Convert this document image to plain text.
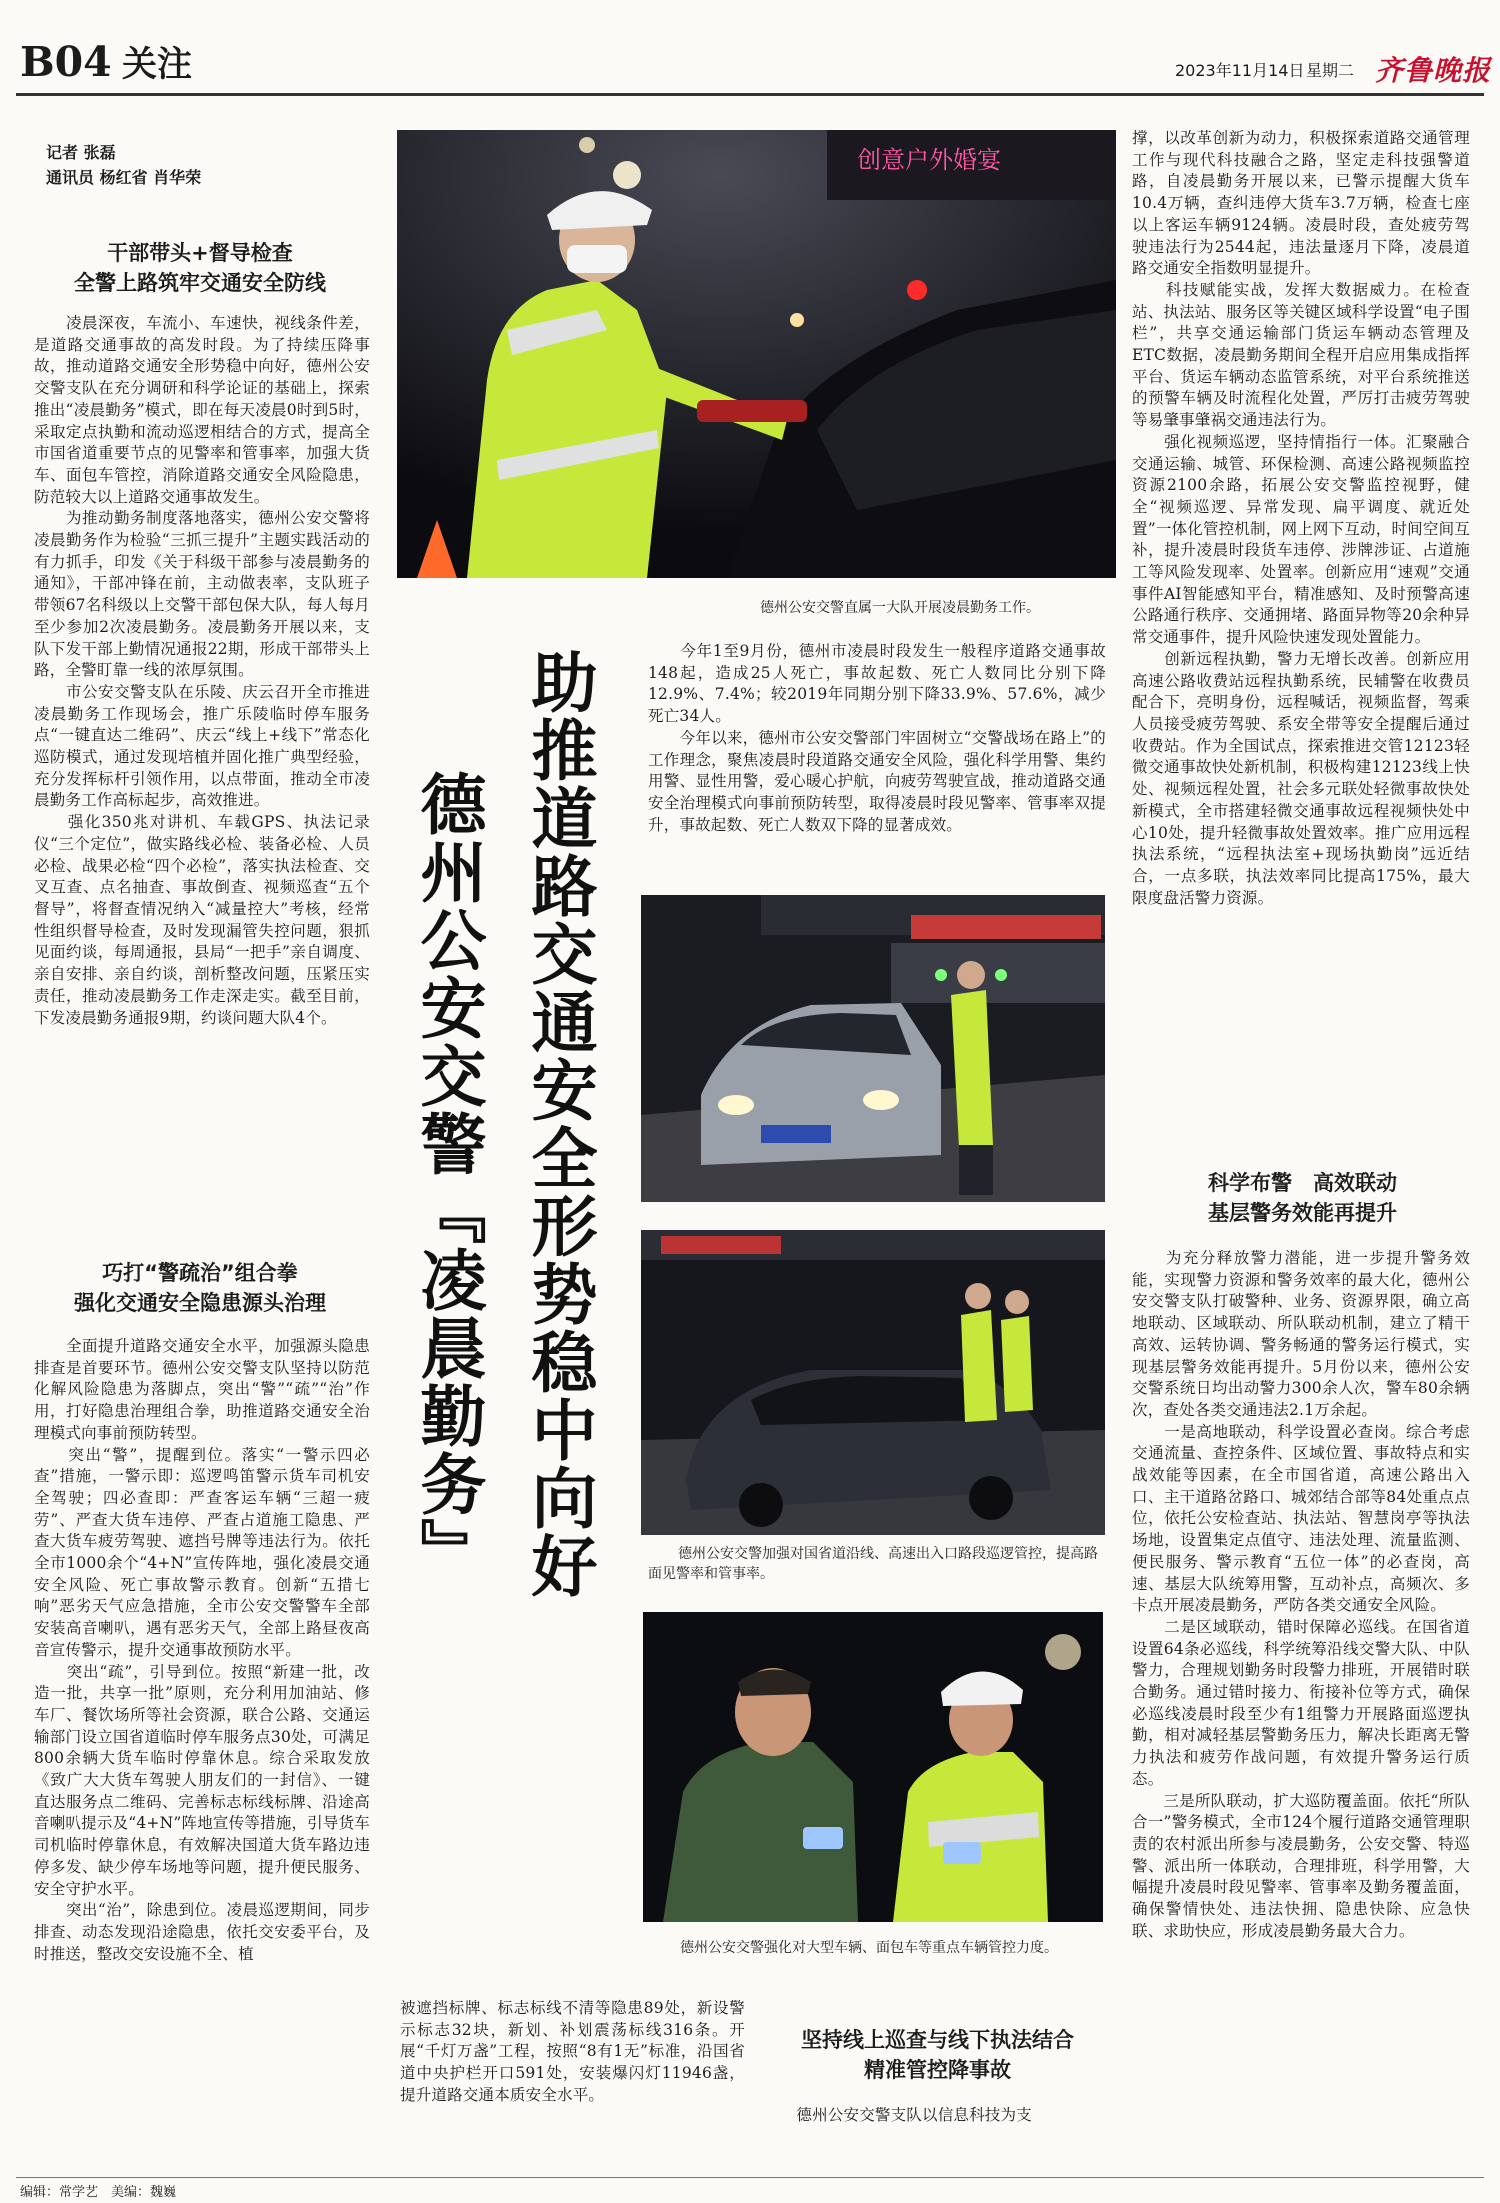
B04 关注	2023年11月14日 星期二 齐鲁晚报
记者 张磊
通讯员 杨红省 肖华荣

干部带头+督导检查

全警上路筑牢交通安全防线

　　凌晨深夜，车流小、车速快，视线条件差，是道路交通事故的高发时段。为了持续压降事故，推动道路交通安全形势稳中向好，德州公安交警支队在充分调研和科学论证的基础上，探索推出“凌晨勤务”模式，即在每天凌晨0时到5时，采取定点执勤和流动巡逻相结合的方式，提高全市国省道重要节点的见警率和管事率，加强大货车、面包车管控，消除道路交通安全风险隐患，防范较大以上道路交通事故发生。
　　为推动勤务制度落地落实，德州公安交警将凌晨勤务作为检验“三抓三提升”主题实践活动的有力抓手，印发《关于科级干部参与凌晨勤务的通知》，干部冲锋在前，主动做表率，支队班子带领67名科级以上交警干部包保大队，每人每月至少参加2次凌晨勤务。凌晨勤务开展以来，支队下发干部上勤情况通报22期，形成干部带头上路，全警盯靠一线的浓厚氛围。
　　市公安交警支队在乐陵、庆云召开全市推进凌晨勤务工作现场会，推广乐陵临时停车服务点“一键直达二维码”、庆云“线上+线下”常态化巡防模式，通过发现培植并固化推广典型经验，充分发挥标杆引领作用，以点带面，推动全市凌晨勤务工作高标起步，高效推进。
　　强化350兆对讲机、车载GPS、执法记录仪“三个定位”，做实路线必检、装备必检、人员必检、战果必检“四个必检”，落实执法检查、交叉互查、点名抽查、事故倒查、视频巡查“五个督导”，将督查情况纳入“减量控大”考核，经常性组织督导检查，及时发现漏管失控问题，狠抓见面约谈，每周通报，县局“一把手”亲自调度、亲自安排、亲自约谈，剖析整改问题，压紧压实责任，推动凌晨勤务工作走深走实。截至目前，下发凌晨勤务通报9期，约谈问题大队4个。

巧打“警疏治”组合拳

强化交通安全隐患源头治理

　　全面提升道路交通安全水平，加强源头隐患排查是首要环节。德州公安交警支队坚持以防范化解风险隐患为落脚点，突出“警”“疏”“治”作用，打好隐患治理组合拳，助推道路交通安全治理模式向事前预防转型。
　　突出“警”，提醒到位。落实“一警示四必查”措施，一警示即：巡逻鸣笛警示货车司机安全驾驶；四必查即：严查客运车辆“三超一疲劳”、严查大货车违停、严查占道施工隐患、严查大货车疲劳驾驶、遮挡号牌等违法行为。依托全市1000余个“4+N”宣传阵地，强化凌晨交通安全风险、死亡事故警示教育。创新“五措七响”恶劣天气应急措施，全市公安交警警车全部安装高音喇叭，遇有恶劣天气，全部上路昼夜高音宣传警示，提升交通事故预防水平。
　　突出“疏”，引导到位。按照“新建一批，改造一批，共享一批”原则，充分利用加油站、修车厂、餐饮场所等社会资源，联合公路、交通运输部门设立国省道临时停车服务点30处，可满足800余辆大货车临时停靠休息。综合采取发放《致广大大货车驾驶人朋友们的一封信》、一键直达服务点二维码、完善标志标线标牌、沿途高音喇叭提示及“4+N”阵地宣传等措施，引导货车司机临时停靠休息，有效解决国道大货车路边违停多发、缺少停车场地等问题，提升便民服务、安全守护水平。
　　突出“治”，除患到位。凌晨巡逻期间，同步排查、动态发现沿途隐患，依托交安委平台，及时推送，整改交安设施不全、植

创意户外婚宴

德州公安交警直属一大队开展凌晨勤务工作。

助推道路交通安全形势稳中向好
德州公安交警『凌晨勤务』

　　今年1至9月份，德州市凌晨时段发生一般程序道路交通事故148起，造成25人死亡，事故起数、死亡人数同比分别下降12.9%、7.4%；较2019年同期分别下降33.9%、57.6%，减少死亡34人。
　　今年以来，德州市公安交警部门牢固树立“交警战场在路上”的工作理念，聚焦凌晨时段道路交通安全风险，强化科学用警、集约用警、显性用警，爱心暖心护航，向疲劳驾驶宣战，推动道路交通安全治理模式向事前预防转型，取得凌晨时段见警率、管事率双提升，事故起数、死亡人数双下降的显著成效。

德州公安交警加强对国省道沿线、高速出入口路段巡逻管控，提高路面见警率和管事率。

德州公安交警强化对大型车辆、面包车等重点车辆管控力度。

被遮挡标牌、标志标线不清等隐患89处，新设警示标志32块，新划、补划震荡标线316条。开展“千灯万盏”工程，按照“8有1无”标准，沿国省道中央护栏开口591处，安装爆闪灯11946盏，提升道路交通本质安全水平。

坚持线上巡查与线下执法结合

精准管控降事故

　　德州公安交警支队以信息科技为支

撑，以改革创新为动力，积极探索道路交通管理工作与现代科技融合之路，坚定走科技强警道路，自凌晨勤务开展以来，已警示提醒大货车10.4万辆，查纠违停大货车3.7万辆，检查七座以上客运车辆9124辆。凌晨时段，查处疲劳驾驶违法行为2544起，违法量逐月下降，凌晨道路交通安全指数明显提升。
　　科技赋能实战，发挥大数据威力。在检查站、执法站、服务区等关键区域科学设置“电子围栏”，共享交通运输部门货运车辆动态管理及ETC数据，凌晨勤务期间全程开启应用集成指挥平台、货运车辆动态监管系统，对平台系统推送的预警车辆及时流程化处置，严厉打击疲劳驾驶等易肇事肇祸交通违法行为。
　　强化视频巡逻，坚持情指行一体。汇聚融合交通运输、城管、环保检测、高速公路视频监控资源2100余路，拓展公安交警监控视野，健全“视频巡逻、异常发现、扁平调度、就近处置”一体化管控机制，网上网下互动，时间空间互补，提升凌晨时段货车违停、涉牌涉证、占道施工等风险发现率、处置率。创新应用“速观”交通事件AI智能感知平台，精准感知、及时预警高速公路通行秩序、交通拥堵、路面异物等20余种异常交通事件，提升风险快速发现处置能力。
　　创新远程执勤，警力无增长改善。创新应用高速公路收费站远程执勤系统，民辅警在收费员配合下，亮明身份，远程喊话，视频监督，驾乘人员接受疲劳驾驶、系安全带等安全提醒后通过收费站。作为全国试点，探索推进交管12123轻微交通事故快处新机制，积极构建12123线上快处、视频远程处置，社会多元联处轻微事故快处新模式，全市搭建轻微交通事故远程视频快处中心10处，提升轻微事故处置效率。推广应用远程执法系统，“远程执法室+现场执勤岗”远近结合，一点多联，执法效率同比提高175%，最大限度盘活警力资源。

科学布警　高效联动

基层警务效能再提升

　　为充分释放警力潜能，进一步提升警务效能，实现警力资源和警务效率的最大化，德州公安交警支队打破警种、业务、资源界限，确立高地联动、区域联动、所队联动机制，建立了精干高效、运转协调、警务畅通的警务运行模式，实现基层警务效能再提升。5月份以来，德州公安交警系统日均出动警力300余人次，警车80余辆次，查处各类交通违法2.1万余起。
　　一是高地联动，科学设置必查岗。综合考虑交通流量、查控条件、区域位置、事故特点和实战效能等因素，在全市国省道，高速公路出入口、主干道路岔路口、城郊结合部等84处重点点位，依托公安检查站、执法站、智慧岗亭等执法场地，设置集定点值守、违法处理、流量监测、便民服务、警示教育“五位一体”的必查岗，高速、基层大队统筹用警，互动补点，高频次、多卡点开展凌晨勤务，严防各类交通安全风险。
　　二是区域联动，错时保障必巡线。在国省道设置64条必巡线，科学统筹沿线交警大队、中队警力，合理规划勤务时段警力排班，开展错时联合勤务。通过错时接力、衔接补位等方式，确保必巡线凌晨时段至少有1组警力开展路面巡逻执勤，相对减轻基层警勤务压力，解决长距离无警力执法和疲劳作战问题，有效提升警务运行质态。
　　三是所队联动，扩大巡防覆盖面。依托“所队合一”警务模式，全市124个履行道路交通管理职责的农村派出所参与凌晨勤务，公安交警、特巡警、派出所一体联动，合理排班，科学用警，大幅提升凌晨时段见警率、管事率及勤务覆盖面，确保警情快处、违法快拥、隐患快除、应急快联、求助快应，形成凌晨勤务最大合力。

编辑：常学艺　美编：魏巍
